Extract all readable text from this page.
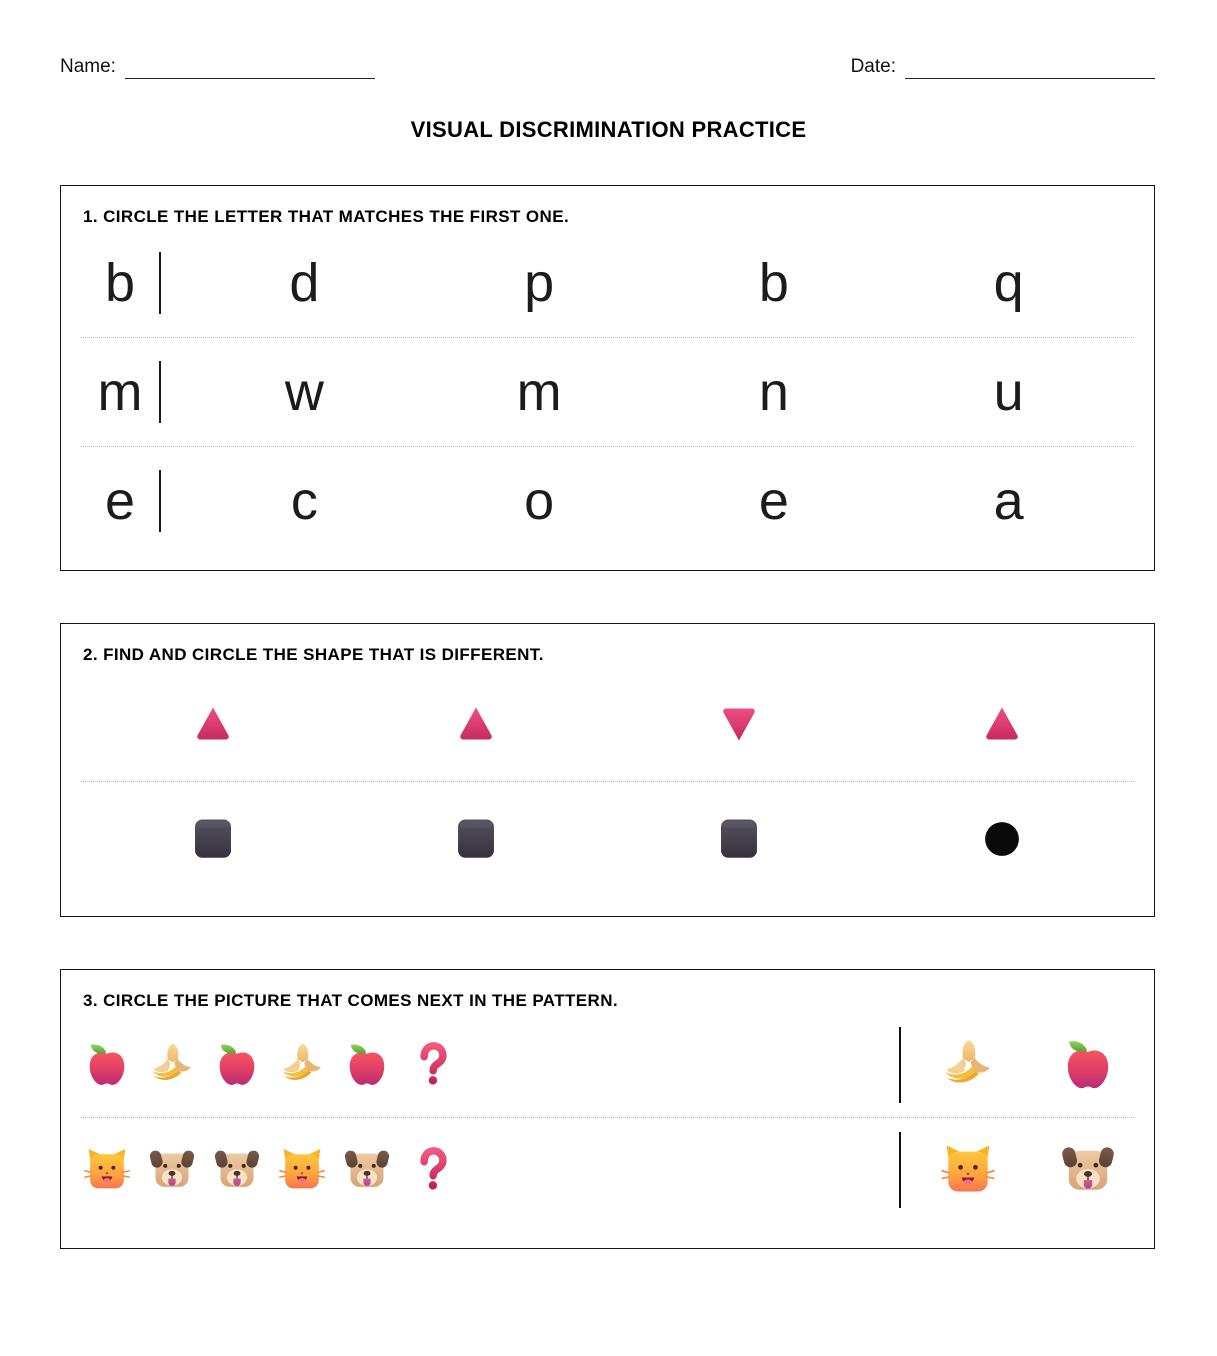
Name:	Date:
VISUAL DISCRIMINATION PRACTICE
1. CIRCLE THE LETTER THAT MATCHES THE FIRST ONE.
b	d	p	b	q
m	w	m	n	u
e	c	o	e	a
2. FIND AND CIRCLE THE SHAPE THAT IS DIFFERENT.
3. CIRCLE THE PICTURE THAT COMES NEXT IN THE PATTERN.
